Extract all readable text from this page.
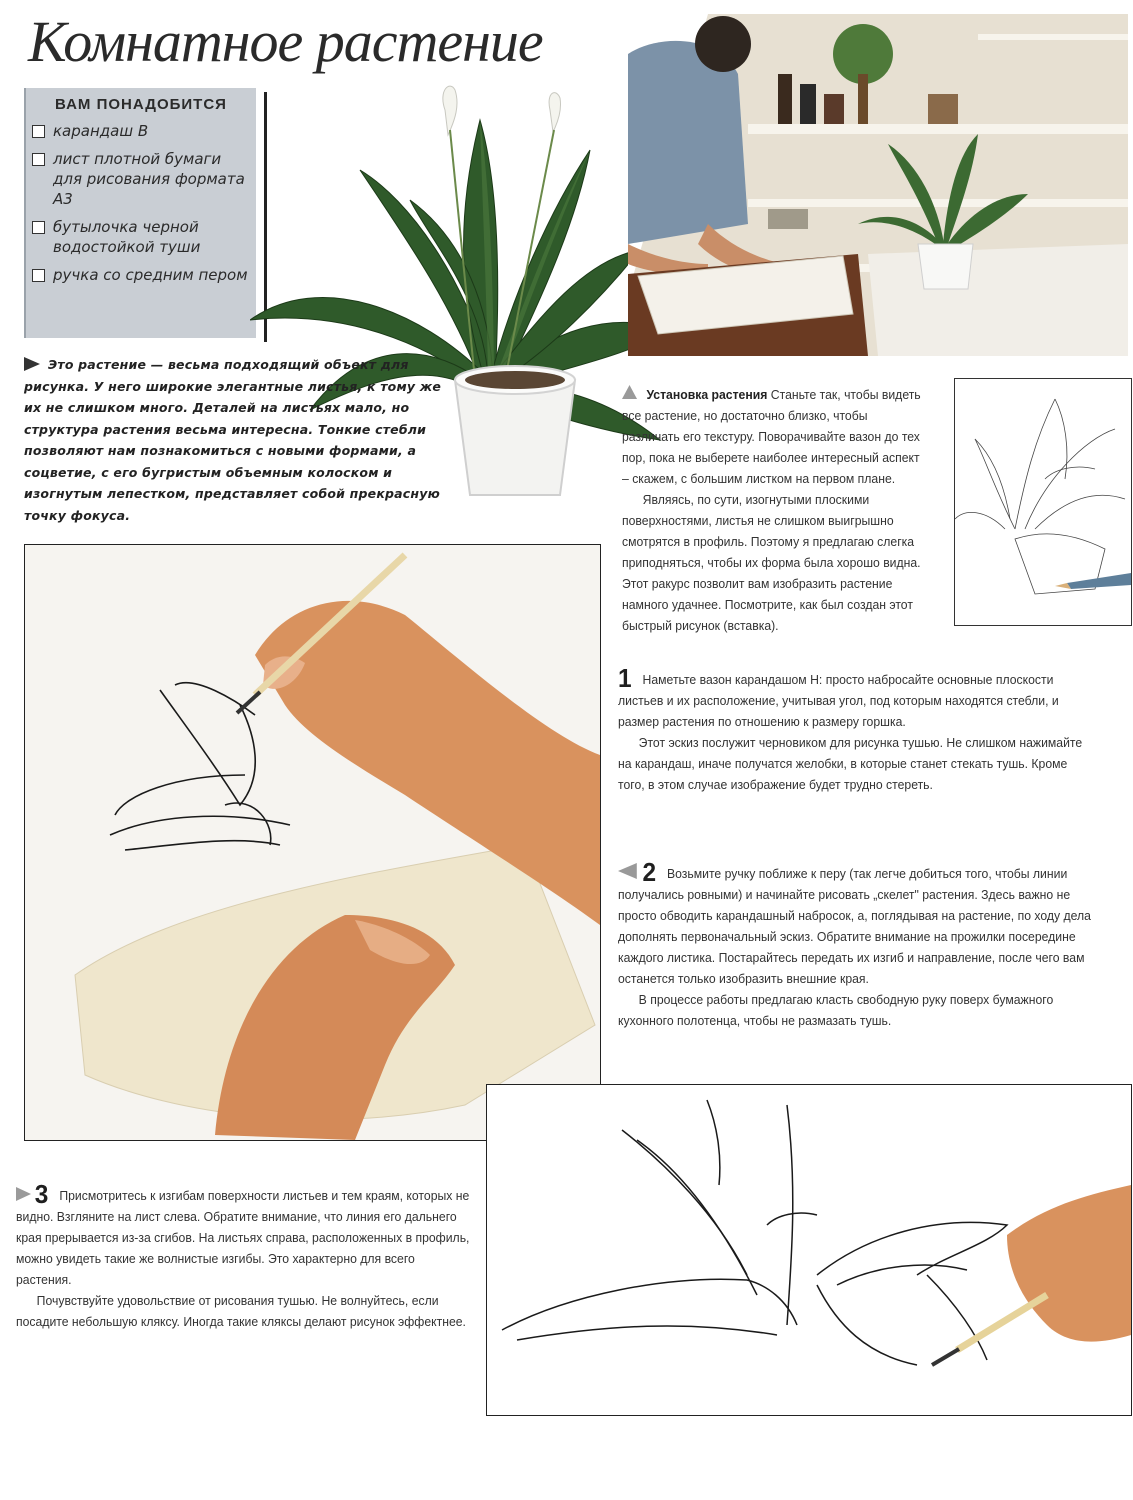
Комнатное растение
ВАМ ПОНАДОБИТСЯ
карандаш В
лист плотной бумаги для рисования формата А3
бутылочка черной водостойкой туши
ручка со средним пером
Это растение — весьма подходящий объект для рисунка. У него широкие элегантные листья, к тому же их не слишком много. Деталей на листьях мало, но структура растения весьма интересна. Тонкие стебли позволяют нам познакомиться с новыми формами, а соцветие, с его бугристым объемным колоском и изогнутым лепестком, представляет собой прекрасную точку фокуса.

Установка растения Станьте так, чтобы видеть все растение, но достаточно близко, чтобы различать его текстуру. Поворачивайте вазон до тех пор, пока не выберете наиболее интересный аспект – скажем, с большим листком на первом плане.

Являясь, по сути, изогнутыми плоскими поверхностями, листья не слишком выигрышно смотрятся в профиль. Поэтому я предлагаю слегка приподняться, чтобы их форма была хорошо видна. Этот ракурс позволит вам изобразить растение намного удачнее. Посмотрите, как был создан этот быстрый рисунок (вставка).

1 Наметьте вазон карандашом Н: просто набросайте основные плоскости листьев и их расположение, учитывая угол, под которым находятся стебли, и размер растения по отношению к размеру горшка.

Этот эскиз послужит черновиком для рисунка тушью. Не слишком нажимайте на карандаш, иначе получатся желобки, в которые станет стекать тушь. Кроме того, в этом случае изображение будет трудно стереть.

2 Возьмите ручку поближе к перу (так легче добиться того, чтобы линии получались ровными) и начинайте рисовать „скелет" растения. Здесь важно не просто обводить карандашный набросок, а, поглядывая на растение, по ходу дела дополнять первоначальный эскиз. Обратите внимание на прожилки посередине каждого листика. Постарайтесь передать их изгиб и направление, после чего вам останется только изобразить внешние края.

В процессе работы предлагаю класть свободную руку поверх бумажного кухонного полотенца, чтобы не размазать тушь.

3 Присмотритесь к изгибам поверхности листьев и тем краям, которых не видно. Взгляните на лист слева. Обратите внимание, что линия его дальнего края прерывается из-за сгибов. На листьях справа, расположенных в профиль, можно увидеть такие же волнистые изгибы. Это характерно для всего растения.

Почувствуйте удовольствие от рисования тушью. Не волнуйтесь, если посадите небольшую кляксу. Иногда такие кляксы делают рисунок эффектнее.
